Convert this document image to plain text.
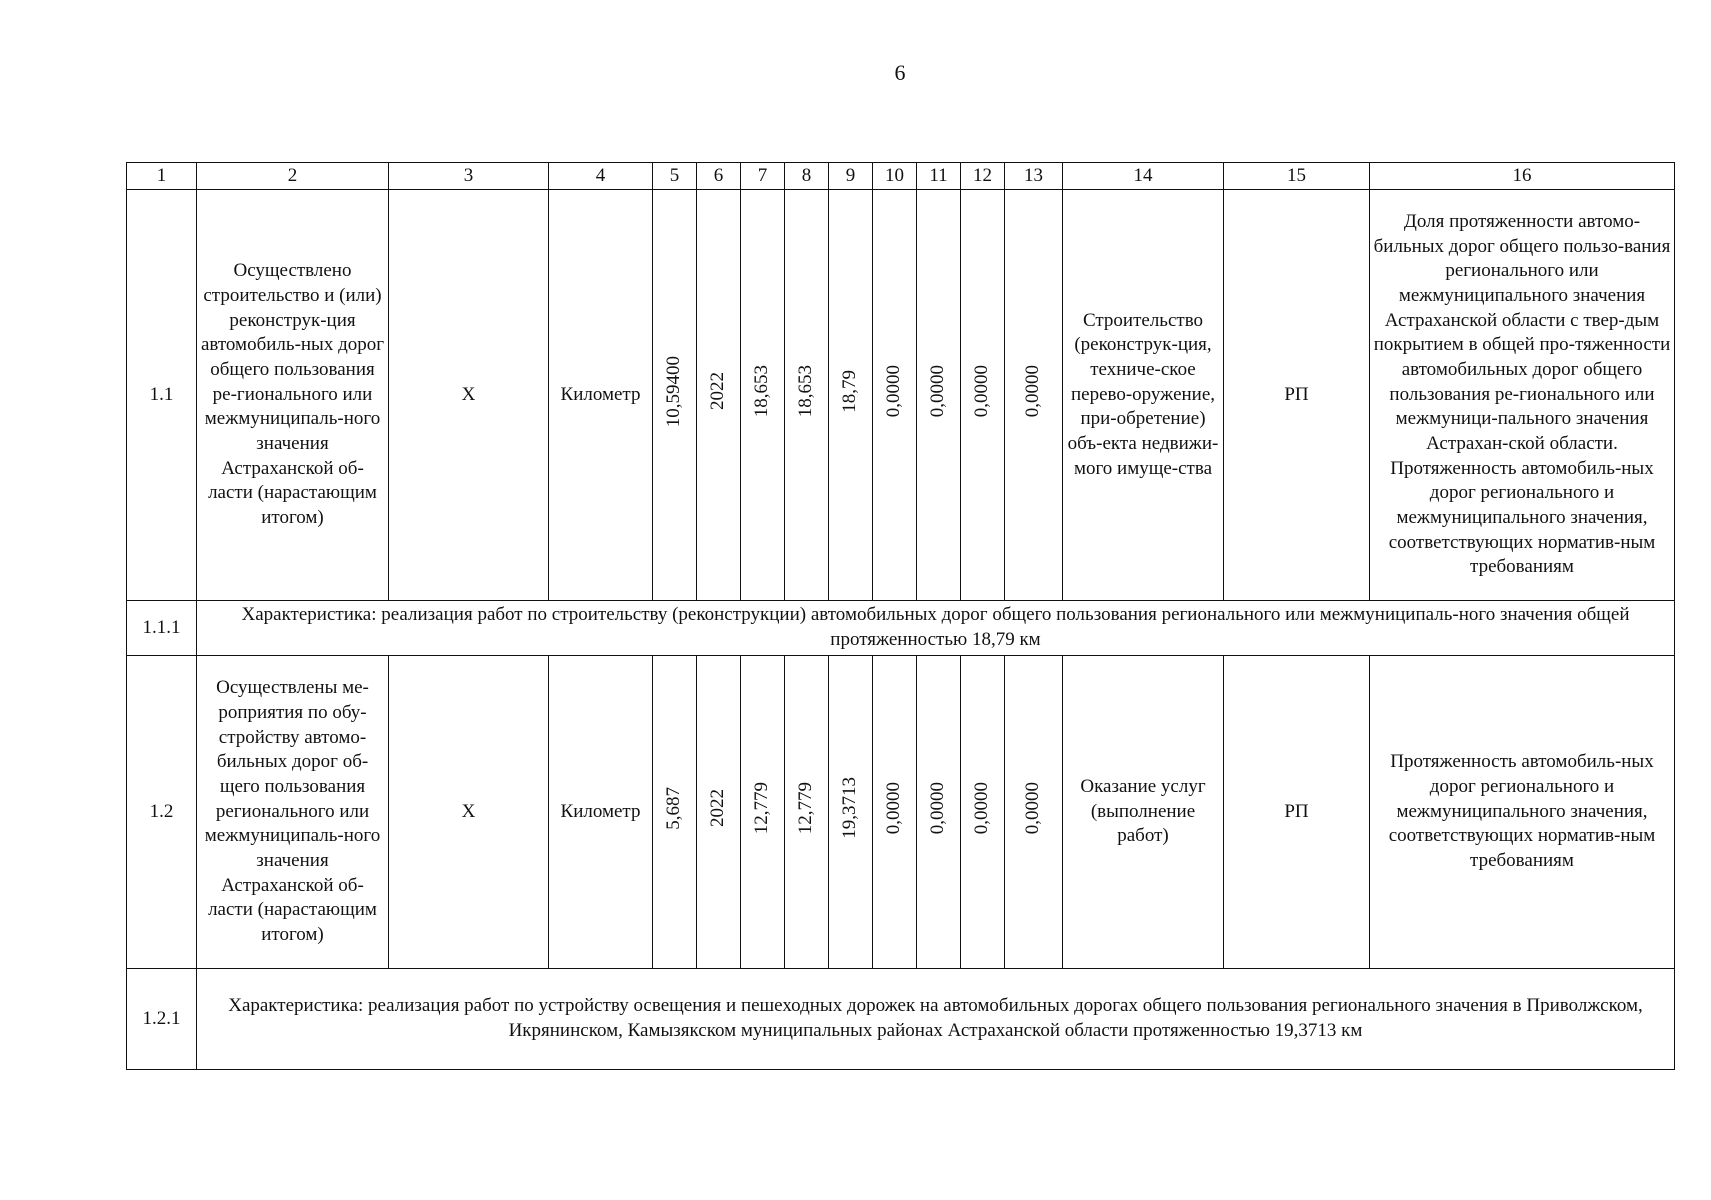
6
1	2	3	4	5	6	7	8	9	10	11	12	13	14	15	16
1.1	Осуществлено строительство и (или) реконструк-ция автомобиль-ных дорог общего пользования ре-гионального или межмуниципаль-ного значения Астраханской об-ласти (нарастающим итогом)	Х	Километр	10,59400	2022	18,653	18,653	18,79	0,0000	0,0000	0,0000	0,0000	Строительство (реконструк-ция, техниче-ское перево-оружение, при-обретение) объ-екта недвижи-мого имуще-ства	РП	Доля протяженности автомо-бильных дорог общего пользо-вания регионального или межмуниципального значения Астраханской области с твер-дым покрытием в общей про-тяженности автомобильных дорог общего пользования ре-гионального или межмуници-пального значения Астрахан-ской области. Протяженность автомобиль-ных дорог регионального и межмуниципального значения, соответствующих норматив-ным требованиям
1.1.1	Характеристика: реализация работ по строительству (реконструкции) автомобильных дорог общего пользования регионального или межмуниципаль-ного значения общей протяженностью 18,79 км														
1.2	Осуществлены ме-роприятия по обу-стройству автомо-бильных дорог об-щего пользования регионального или межмуниципаль-ного значения Астраханской об-ласти (нарастающим итогом)	Х	Километр	5,687	2022	12,779	12,779	19,3713	0,0000	0,0000	0,0000	0,0000	Оказание услуг (выполнение работ)	РП	Протяженность автомобиль-ных дорог регионального и межмуниципального значения, соответствующих норматив-ным требованиям
1.2.1	Характеристика: реализация работ по устройству освещения и пешеходных дорожек на автомобильных дорогах общего пользования регионального значения в Приволжском, Икрянинском, Камызякском муниципальных районах Астраханской области протяженностью 19,3713 км														
